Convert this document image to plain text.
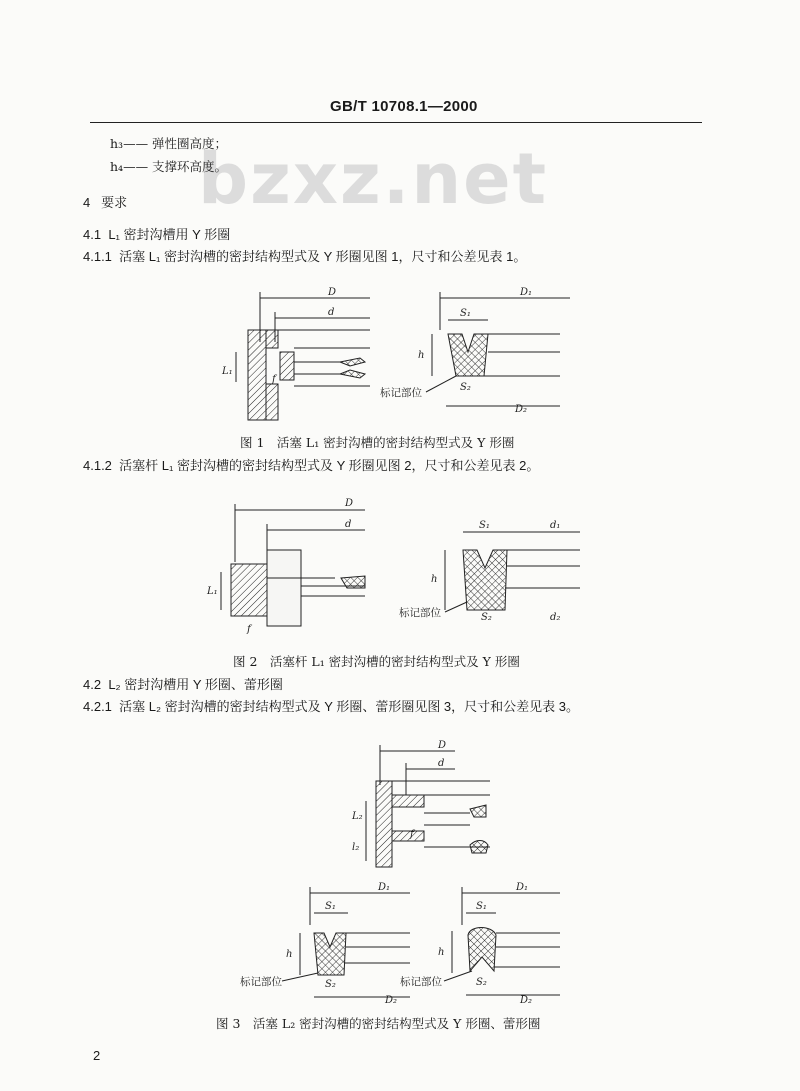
bzxz.net
GB/T 10708.1—2000
h₃—— 弹性圈高度；
h₄—— 支撑环高度。
4 要求
4.1 L₁ 密封沟槽用 Y 形圈
4.1.1 活塞 L₁ 密封沟槽的密封结构型式及 Y 形圈见图 1，尺寸和公差见表 1。
D
d
L₁
f
D₁
S₁
h
S₂
D₂
标记部位
图 1　活塞 L₁ 密封沟槽的密封结构型式及 Y 形圈
4.1.2 活塞杆 L₁ 密封沟槽的密封结构型式及 Y 形圈见图 2，尺寸和公差见表 2。
D
d
L₁
f
S₁	d₁
h
S₂	d₂
标记部位
图 2　活塞杆 L₁ 密封沟槽的密封结构型式及 Y 形圈
4.2 L₂ 密封沟槽用 Y 形圈、蕾形圈
4.2.1 活塞 L₂ 密封沟槽的密封结构型式及 Y 形圈、蕾形圈见图 3，尺寸和公差见表 3。
D
d
L₂
l₂
f
D₁
S₁
h
S₂
D₂
标记部位
D₁
S₁
h
S₂
D₂
标记部位
图 3　活塞 L₂ 密封沟槽的密封结构型式及 Y 形圈、蕾形圈
2
